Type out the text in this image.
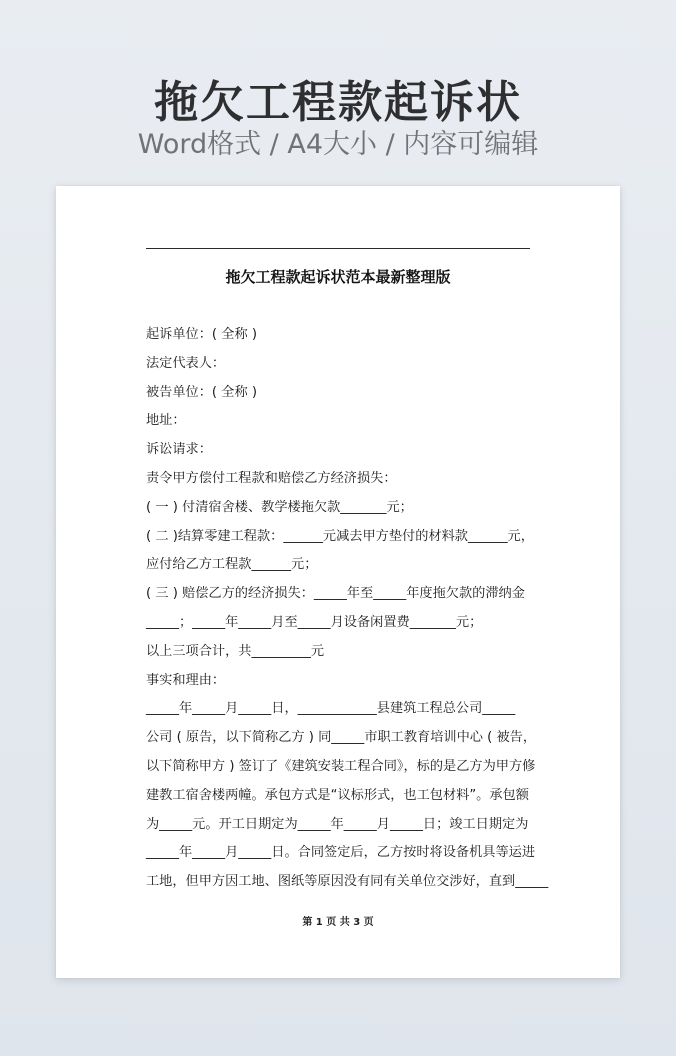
拖欠工程款起诉状
Word格式 / A4大小 / 内容可编辑
拖欠工程款起诉状范本最新整理版
起诉单位：( 全称 )
法定代表人：
被告单位：( 全称 )
地址：
诉讼请求：
责令甲方偿付工程款和赔偿乙方经济损失：
( 一 ) 付清宿舍楼、教学楼拖欠款_______元；
( 二 )结算零建工程款：______元减去甲方垫付的材料款______元，
应付给乙方工程款______元；
( 三 ) 赔偿乙方的经济损失：_____年至_____年度拖欠款的滞纳金
_____；_____年_____月至_____月设备闲置费_______元；
以上三项合计，共_________元
事实和理由：
_____年_____月_____日，____________县建筑工程总公司_____
公司 ( 原告，以下简称乙方 ) 同_____市职工教育培训中心 ( 被告，
以下简称甲方 ) 签订了《建筑安装工程合同》，标的是乙方为甲方修
建教工宿舍楼两幢。承包方式是“议标形式，也工包材料”。承包额
为_____元。开工日期定为_____年_____月_____日；竣工日期定为
_____年_____月_____日。合同签定后，乙方按时将设备机具等运进
工地，但甲方因工地、图纸等原因没有同有关单位交涉好，直到_____
第 1 页 共 3 页
